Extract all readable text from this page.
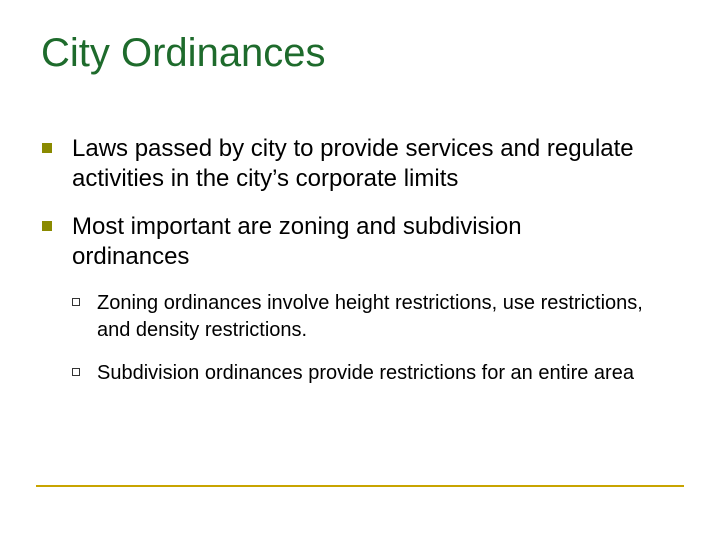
City Ordinances
Laws passed by city to provide services and regulate activities in the city’s corporate limits
Most important are zoning and subdivision ordinances
Zoning ordinances involve height restrictions, use restrictions, and density restrictions.
Subdivision ordinances provide restrictions for an entire area
